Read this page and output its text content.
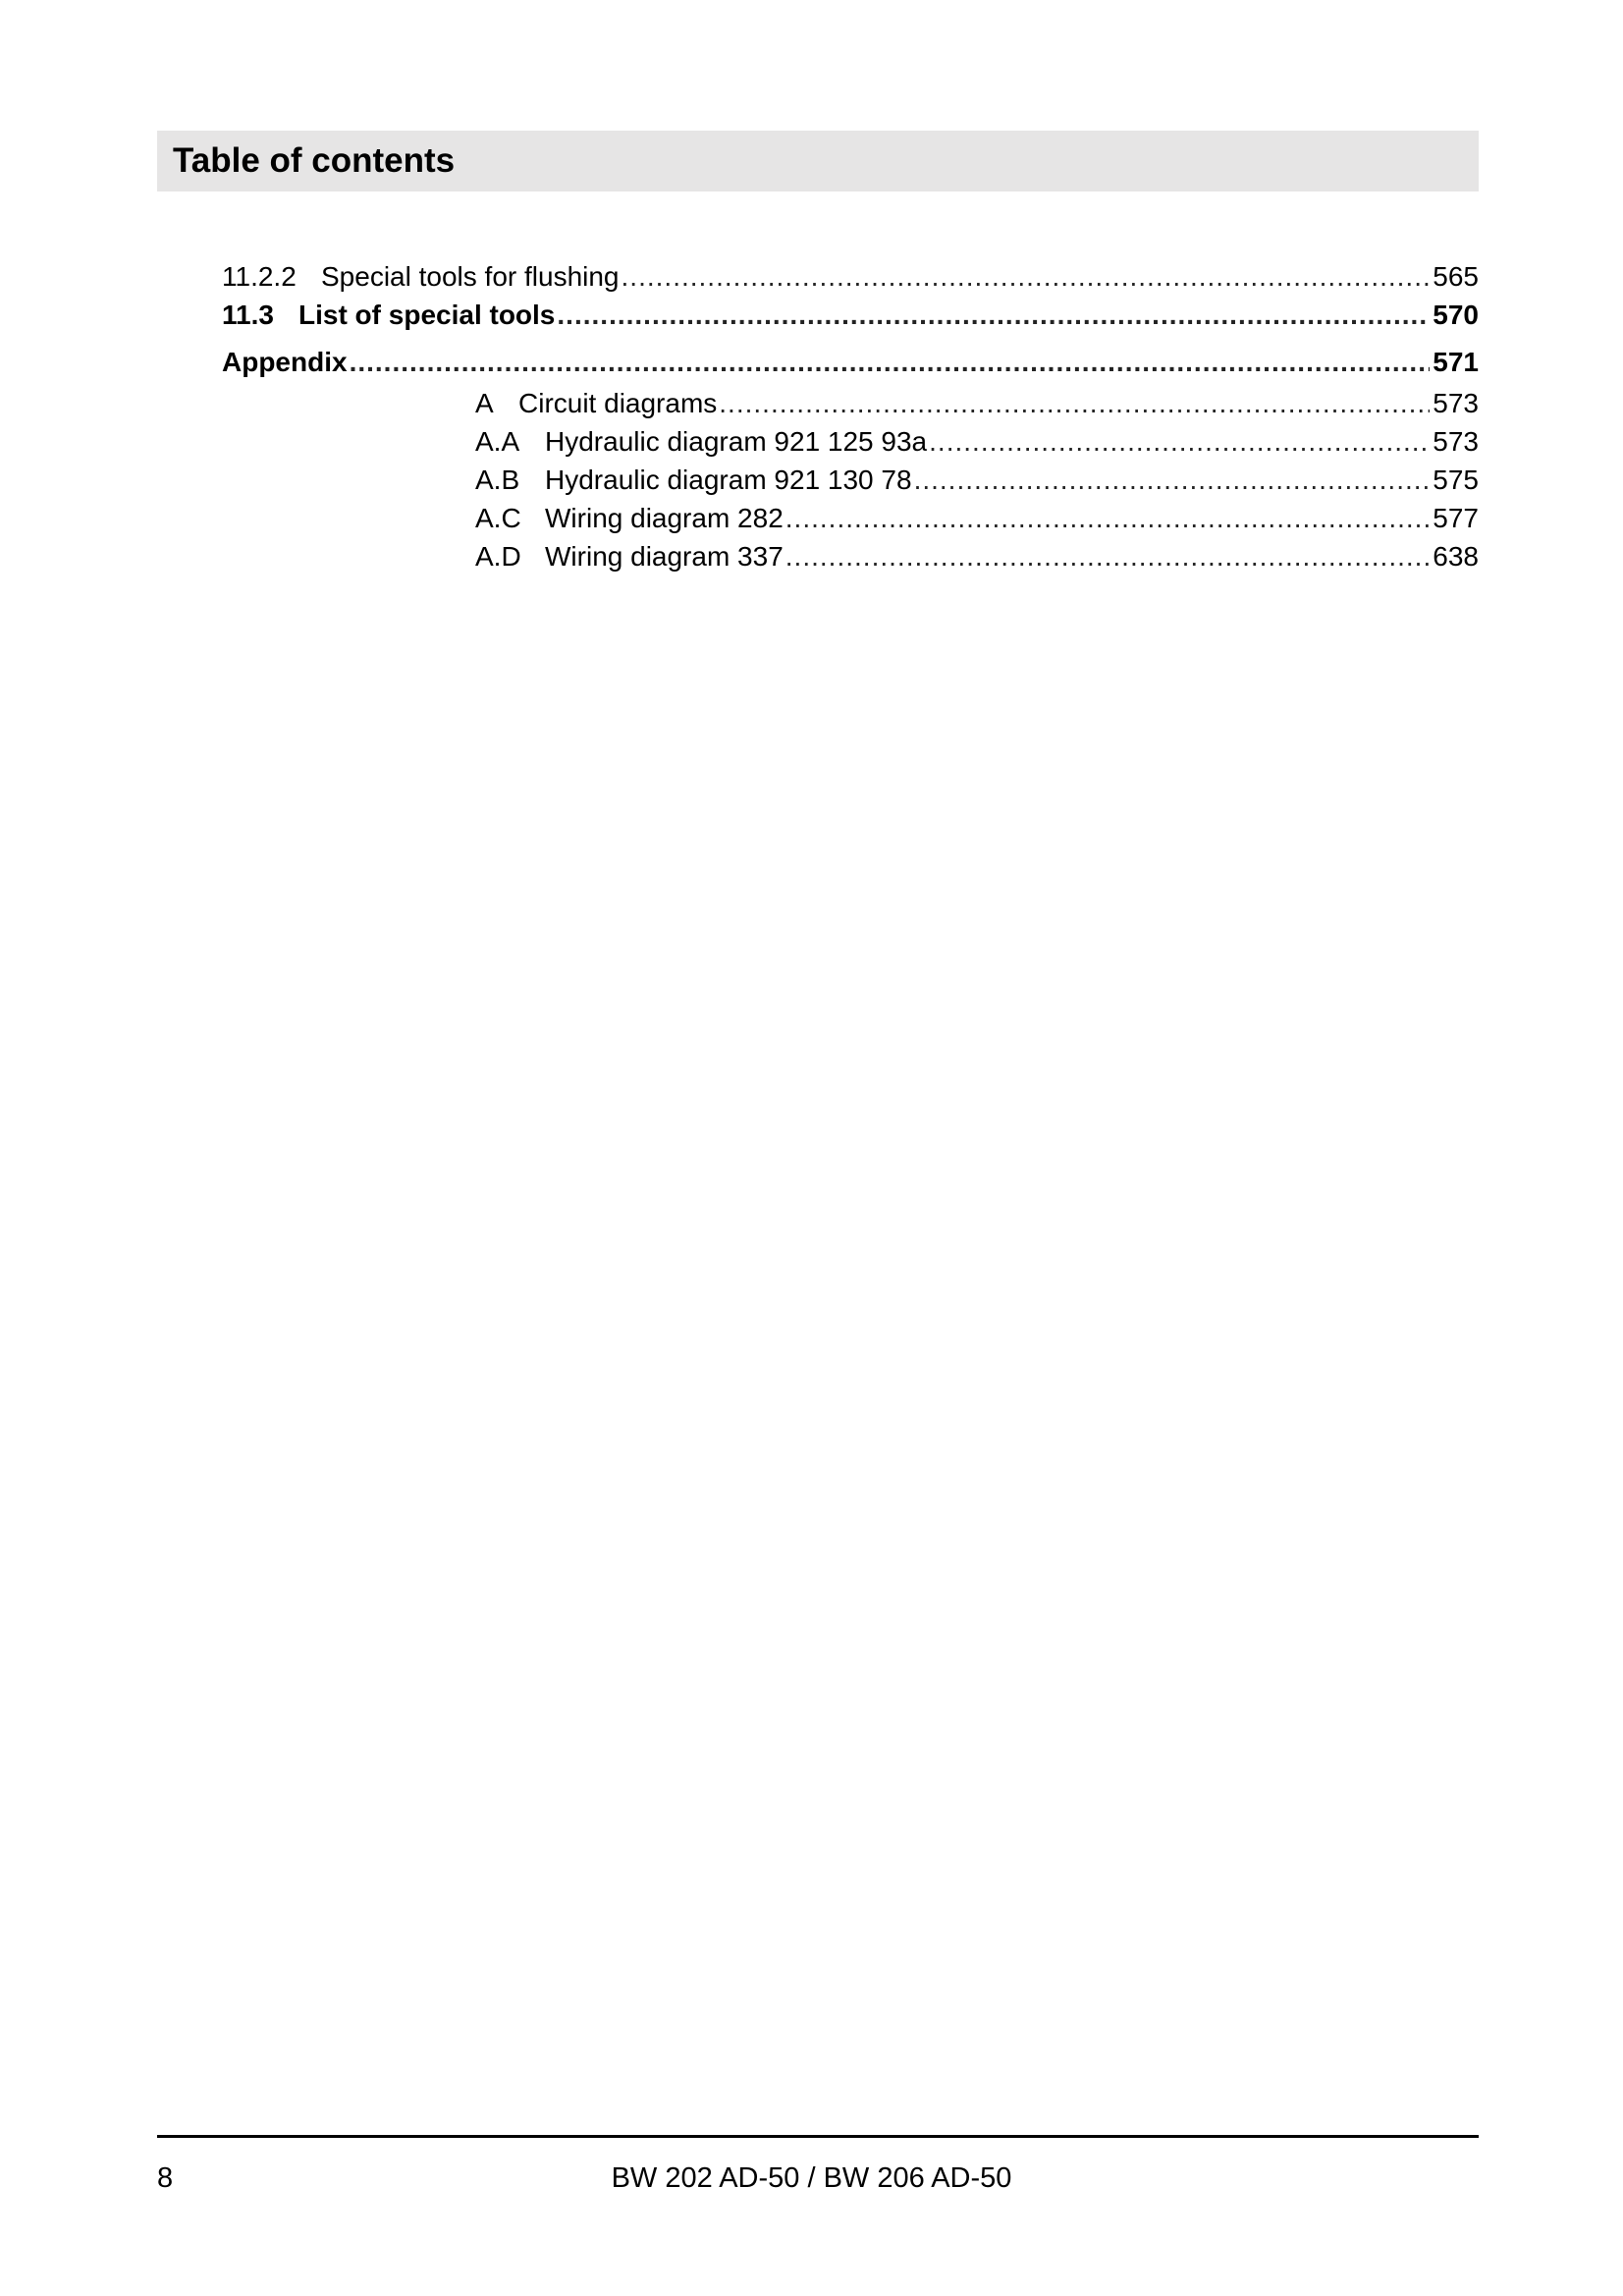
Table of contents
11.2.2 Special tools for flushing .....	565
11.3 List of special tools .....	570
Appendix .....	571
A Circuit diagrams .....	573
A.A Hydraulic diagram 921 125 93a .....	573
A.B Hydraulic diagram 921 130 78 .....	575
A.C Wiring diagram 282 .....	577
A.D Wiring diagram 337 .....	638
8	BW 202 AD-50 / BW 206 AD-50
